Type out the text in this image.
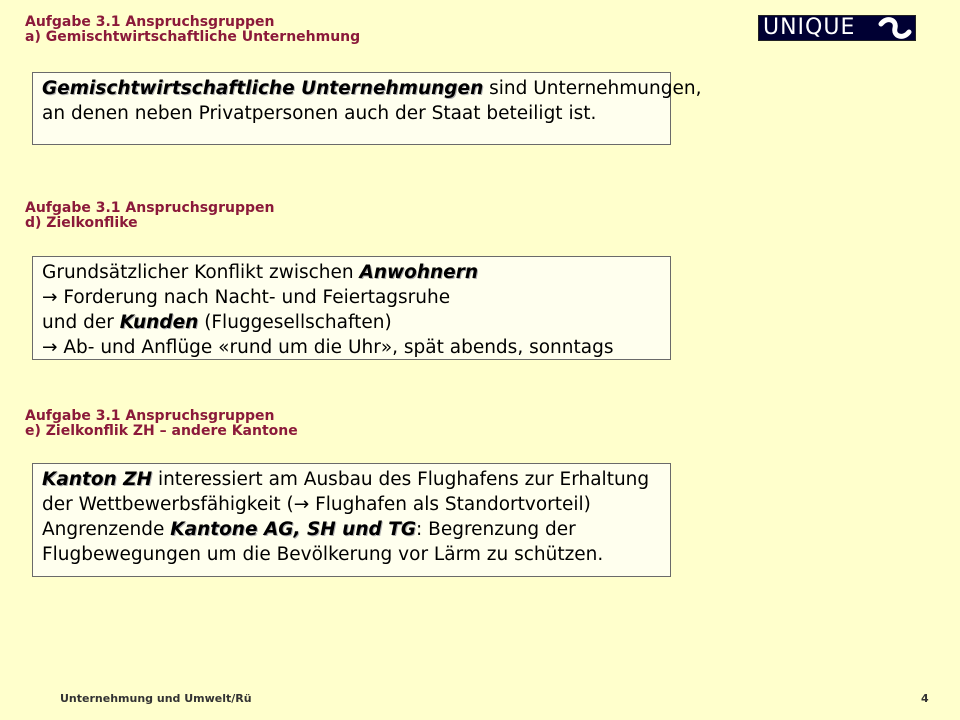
UNIQUE
Aufgabe 3.1 Anspruchsgruppen
a) Gemischtwirtschaftliche Unternehmung
Gemischtwirtschaftliche Unternehmungen sind Unternehmungen,
an denen neben Privatpersonen auch der Staat beteiligt ist.
Aufgabe 3.1 Anspruchsgruppen
d) Zielkonflike
Grundsätzlicher Konflikt zwischen Anwohnern
→ Forderung nach Nacht- und Feiertagsruhe
und der Kunden (Fluggesellschaften)
→ Ab- und Anflüge «rund um die Uhr», spät abends, sonntags
Aufgabe 3.1 Anspruchsgruppen
e) Zielkonflik ZH – andere Kantone
Kanton ZH interessiert am Ausbau des Flughafens zur Erhaltung
der Wettbewerbsfähigkeit (→ Flughafen als Standortvorteil)
Angrenzende Kantone AG, SH und TG: Begrenzung der
Flugbewegungen um die Bevölkerung vor Lärm zu schützen.
Unternehmung und Umwelt/Rü	4
